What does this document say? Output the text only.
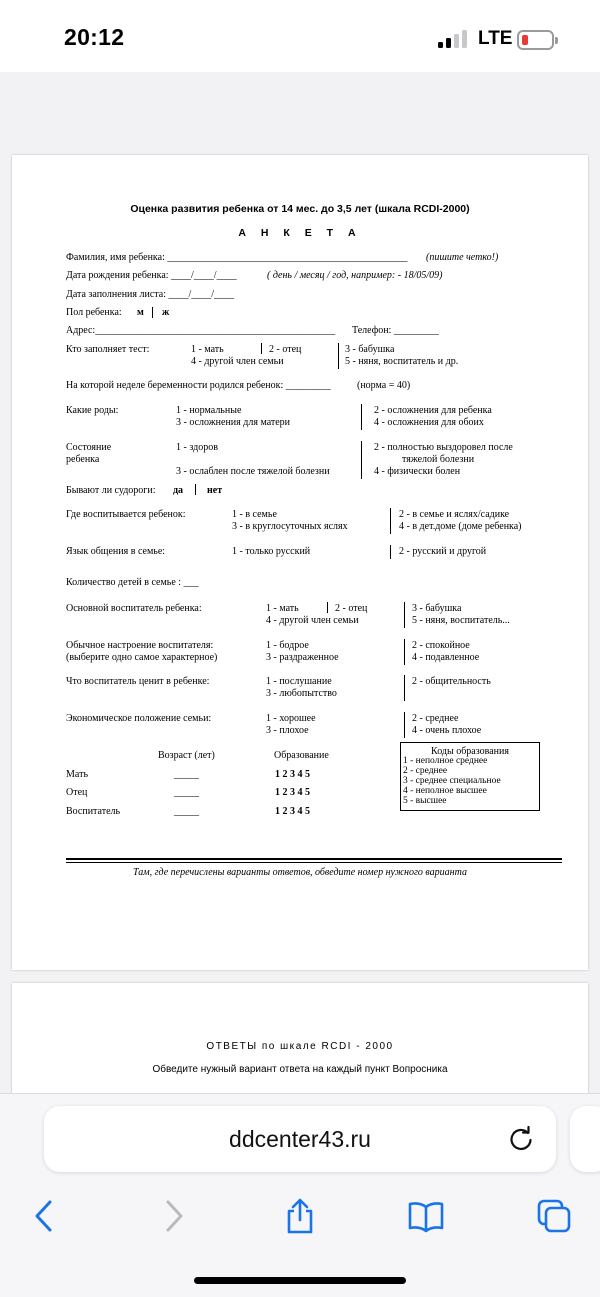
20:12	LTE
Оценка развития ребенка от 14 мес. до 3,5 лет (шкала RCDI-2000)
А Н К Е Т А
Фамилия, имя ребенка: ________________________________________________ (пишите четко!)
Дата рождения ребенка: ____/____/____	( день / месяц / год, например: - 18/05/09)
Дата заполнения листа: ____/____/____
Пол ребенка: м ж
Адрес:________________________________________________ Телефон: _________
Кто заполняет тест:	1 - мать	2 - отец	3 - бабушка
4 - другой член семьи	5 - няня, воспитатель и др.
На которой неделе беременности родился ребенок: _________	(норма = 40)
Какие роды:	1 - нормальные	2 - осложнения для ребенка
3 - осложнения для матери	4 - осложнения для обоих
Состояние
ребенка
1 - здоров	2 - полностью выздоровел после
тяжелой болезни
3 - ослаблен после тяжелой болезни	4 - физически болен
Бывают ли судороги: да нет
Где воспитывается ребенок:	1 - в семье	2 - в семье и яслях/садике
3 - в круглосуточных яслях	4 - в дет.доме (доме ребенка)
Язык общения в семье:	1 - только русский	2 - русский и другой
Количество детей в семье : ___
Основной воспитатель ребенка:	1 - мать	2 - отец	3 - бабушка
4 - другой член семьи	5 - няня, воспитатель...
Обычное настроение воспитателя:
(выберите одно самое характерное)
1 - бодрое	2 - спокойное
3 - раздраженное	4 - подавленное
Что воспитатель ценит в ребенке:	1 - послушание	2 - общительность
3 - любопытство
Экономическое положение семьи:	1 - хорошее	2 - среднее
3 - плохое	4 - очень плохое
Возраст (лет)	Образование
Мать	_____	1 2 3 4 5
Отец	_____	1 2 3 4 5
Воспитатель	_____	1 2 3 4 5
Коды образования
1 - неполное среднее
2 - среднее
3 - среднее специальное
4 - неполное высшее
5 - высшее
Там, где перечислены варианты ответов, обведите номер нужного варианта
ОТВЕТЫ по шкале RCDI - 2000
Обведите нужный вариант ответа на каждый пункт Вопросника
ddcenter43.ru
